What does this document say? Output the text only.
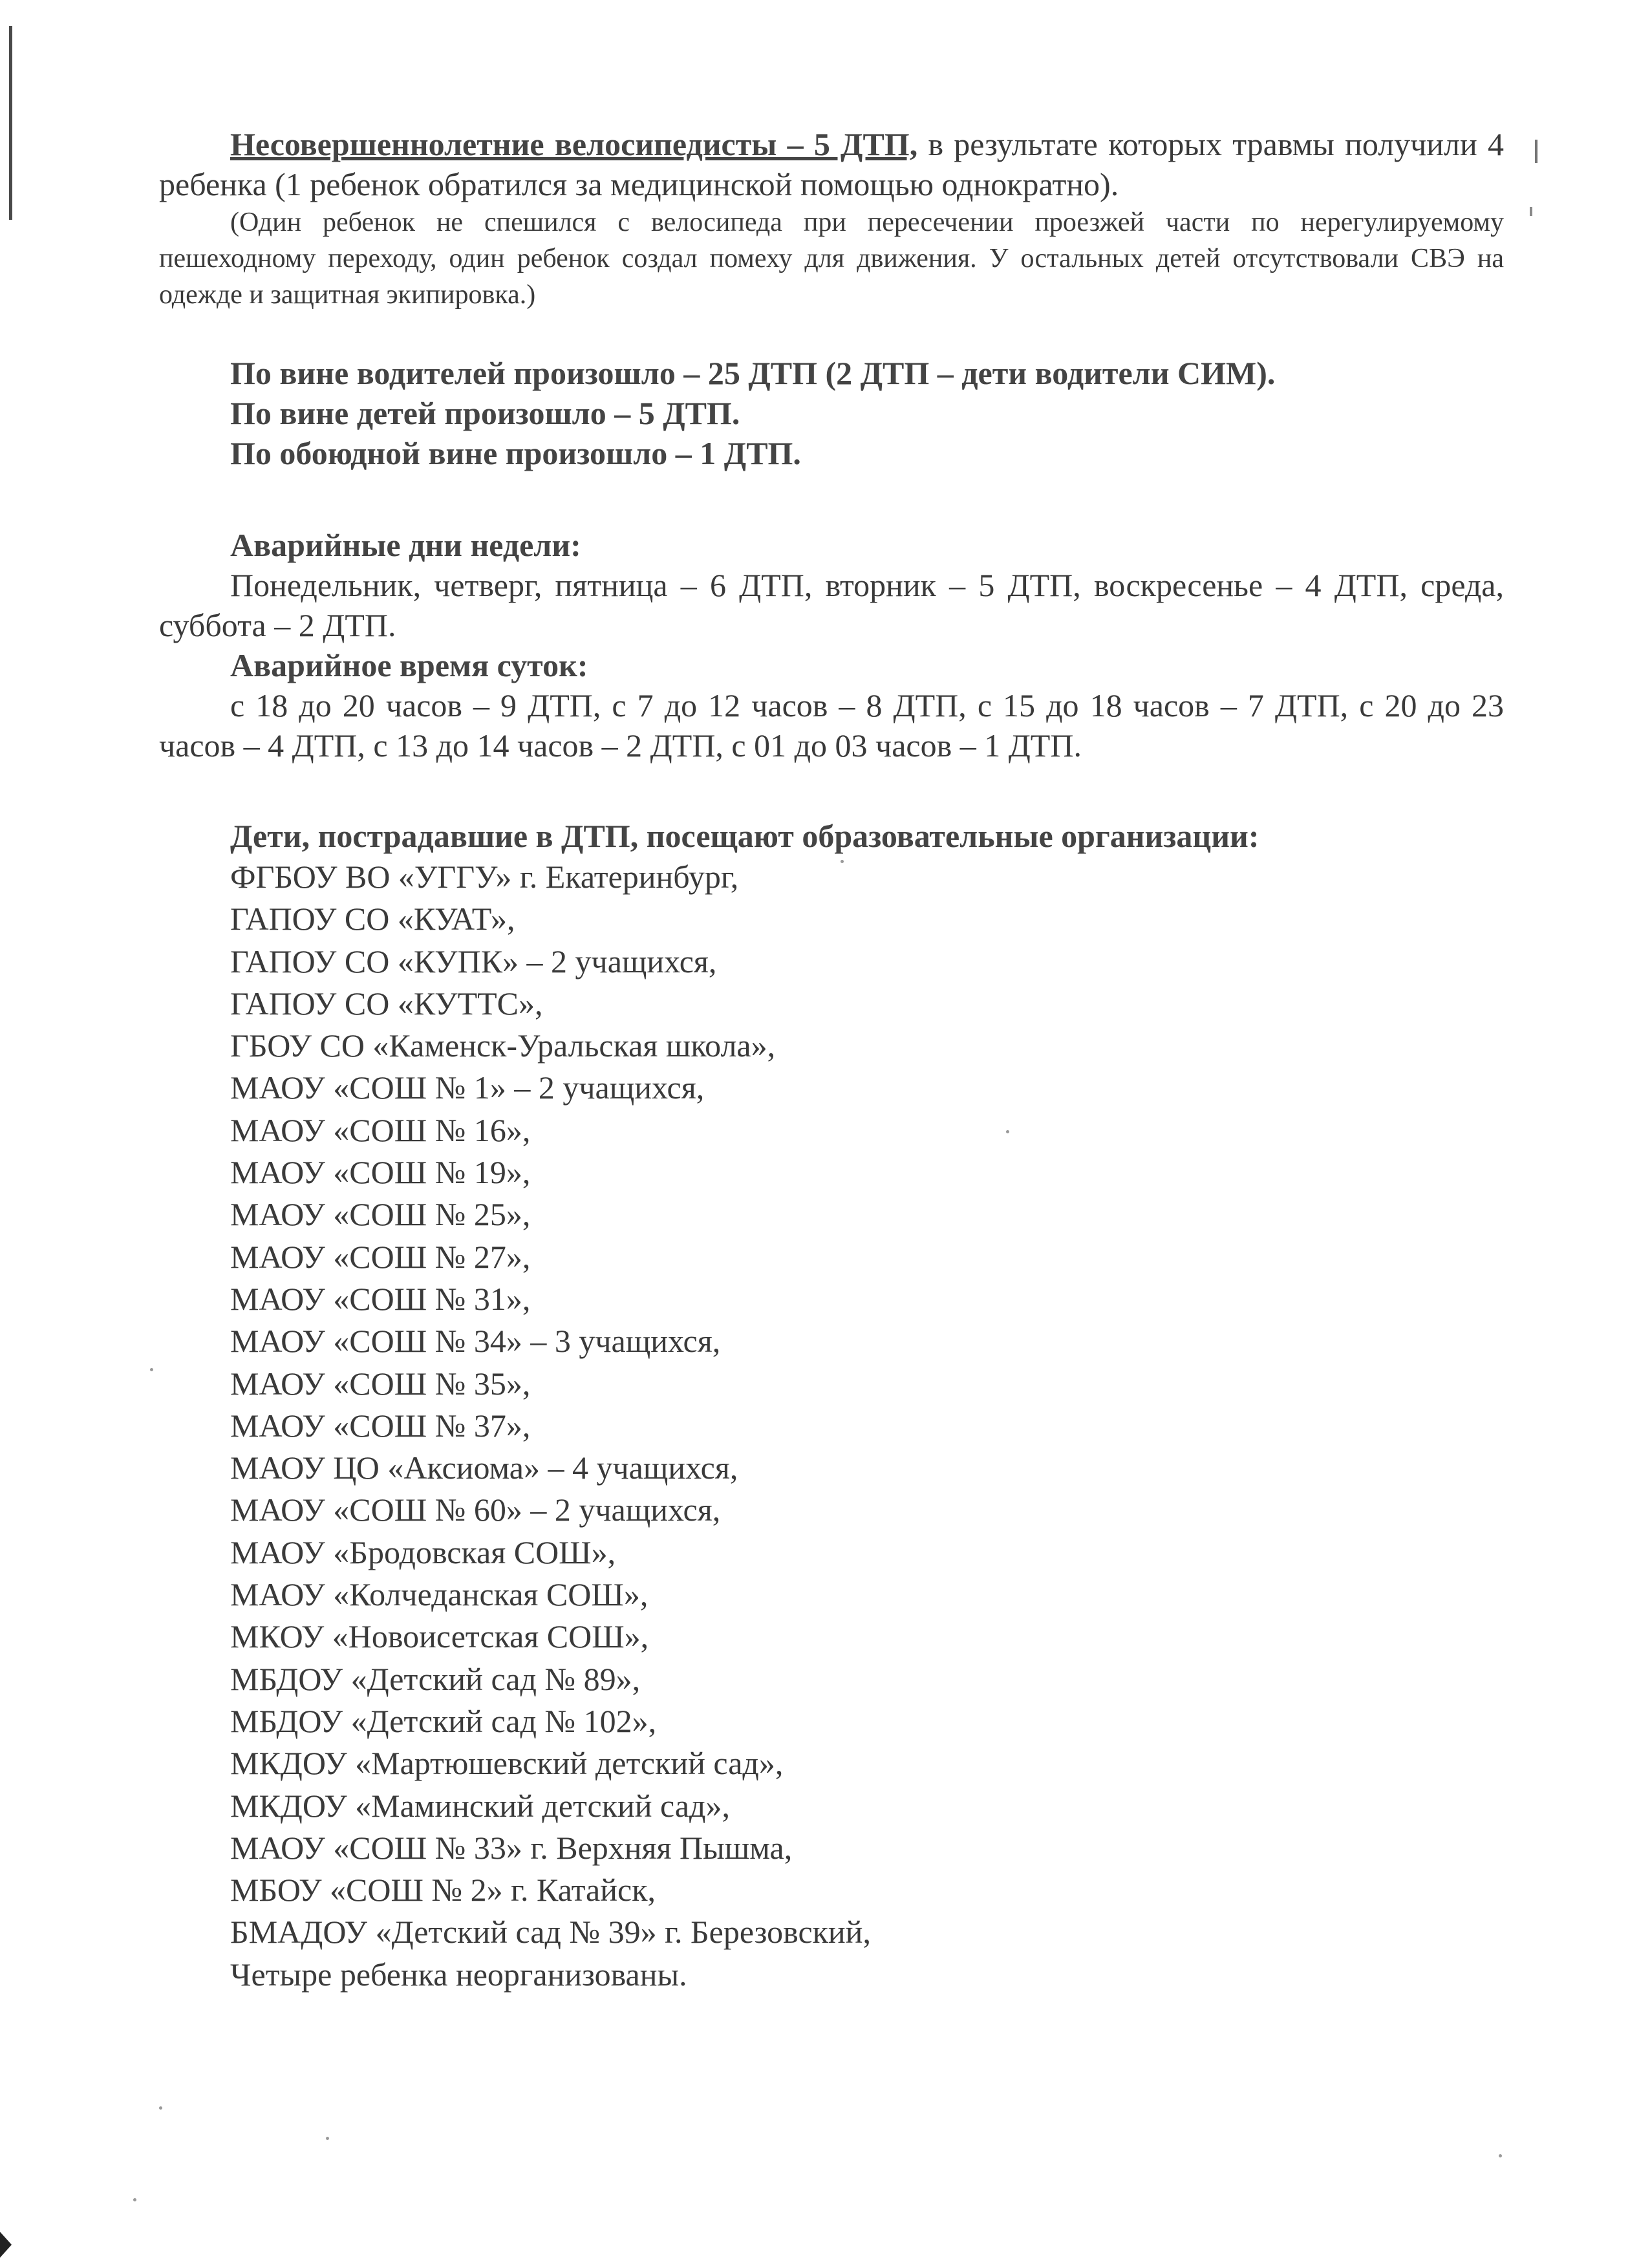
Несовершеннолетние велосипедисты – 5 ДТП, в результате которых травмы получили 4 ребенка (1 ребенок обратился за медицинской помощью однократно).

(Один ребенок не спешился с велосипеда при пересечении проезжей части по нерегулируемому пешеходному переходу, один ребенок создал помеху для движения. У остальных детей отсутствовали СВЭ на одежде и защитная экипировка.)

По вине водителей произошло – 25 ДТП (2 ДТП – дети водители СИМ).

По вине детей произошло – 5 ДТП.

По обоюдной вине произошло – 1 ДТП.

Аварийные дни недели:

Понедельник, четверг, пятница – 6 ДТП, вторник – 5 ДТП, воскресенье – 4 ДТП, среда, суббота – 2 ДТП.

Аварийное время суток:

с 18 до 20 часов – 9 ДТП, с 7 до 12 часов – 8 ДТП, с 15 до 18 часов – 7 ДТП, с 20 до 23 часов – 4 ДТП, с 13 до 14 часов – 2 ДТП, с 01 до 03 часов – 1 ДТП.

Дети, пострадавшие в ДТП, посещают образовательные организации:

ФГБОУ ВО «УГГУ» г. Екатеринбург,

ГАПОУ СО «КУАТ»,

ГАПОУ СО «КУПК» – 2 учащихся,

ГАПОУ СО «КУТТС»,

ГБОУ СО «Каменск-Уральская школа»,

МАОУ «СОШ № 1» – 2 учащихся,

МАОУ «СОШ № 16»,

МАОУ «СОШ № 19»,

МАОУ «СОШ № 25»,

МАОУ «СОШ № 27»,

МАОУ «СОШ № 31»,

МАОУ «СОШ № 34» – 3 учащихся,

МАОУ «СОШ № 35»,

МАОУ «СОШ № 37»,

МАОУ ЦО «Аксиома» – 4 учащихся,

МАОУ «СОШ № 60» – 2 учащихся,

МАОУ «Бродовская СОШ»,

МАОУ «Колчеданская СОШ»,

МКОУ «Новоисетская СОШ»,

МБДОУ «Детский сад № 89»,

МБДОУ «Детский сад № 102»,

МКДОУ «Мартюшевский детский сад»,

МКДОУ «Маминский детский сад»,

МАОУ «СОШ № 33» г. Верхняя Пышма,

МБОУ «СОШ № 2» г. Катайск,

БМАДОУ «Детский сад № 39» г. Березовский,

Четыре ребенка неорганизованы.
